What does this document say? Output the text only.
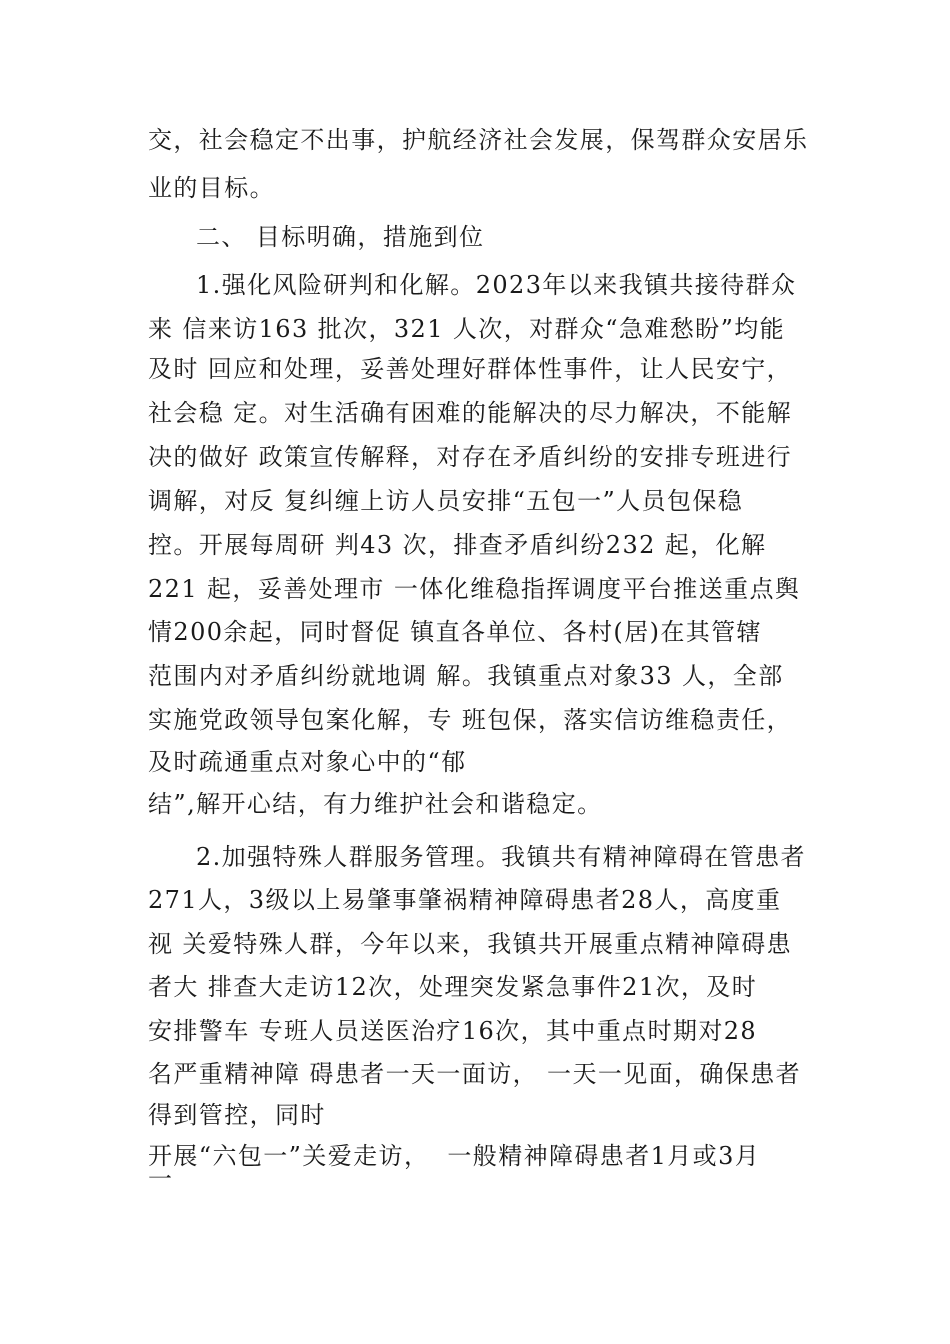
交，社会稳定不出事，护航经济社会发展，保驾群众安居乐
业的目标。
二、 目标明确，措施到位
1.强化风险研判和化解。2023年以来我镇共接待群众
来 信来访163 批次，321 人次，对群众“急难愁盼”均能
及时 回应和处理，妥善处理好群体性事件，让人民安宁，
社会稳 定。对生活确有困难的能解决的尽力解决，不能解
决的做好 政策宣传解释，对存在矛盾纠纷的安排专班进行
调解，对反 复纠缠上访人员安排“五包一”人员包保稳
控。开展每周研 判43 次，排查矛盾纠纷232 起，化解
221 起，妥善处理市 一体化维稳指挥调度平台推送重点舆
情200余起，同时督促 镇直各单位、各村(居)在其管辖
范围内对矛盾纠纷就地调 解。我镇重点对象33 人，全部
实施党政领导包案化解，专 班包保，落实信访维稳责任，
及时疏通重点对象心中的“郁
结”,解开心结，有力维护社会和谐稳定。
2.加强特殊人群服务管理。我镇共有精神障碍在管患者
271人，3级以上易肇事肇祸精神障碍患者28人，高度重
视 关爱特殊人群，今年以来，我镇共开展重点精神障碍患
者大 排查大走访12次，处理突发紧急事件21次，及时
安排警车 专班人员送医治疗16次，其中重点时期对28
名严重精神障 碍患者一天一面访， 一天一见面，确保患者
得到管控，同时
开展“六包一”关爱走访，  一般精神障碍患者1月或3月
一
